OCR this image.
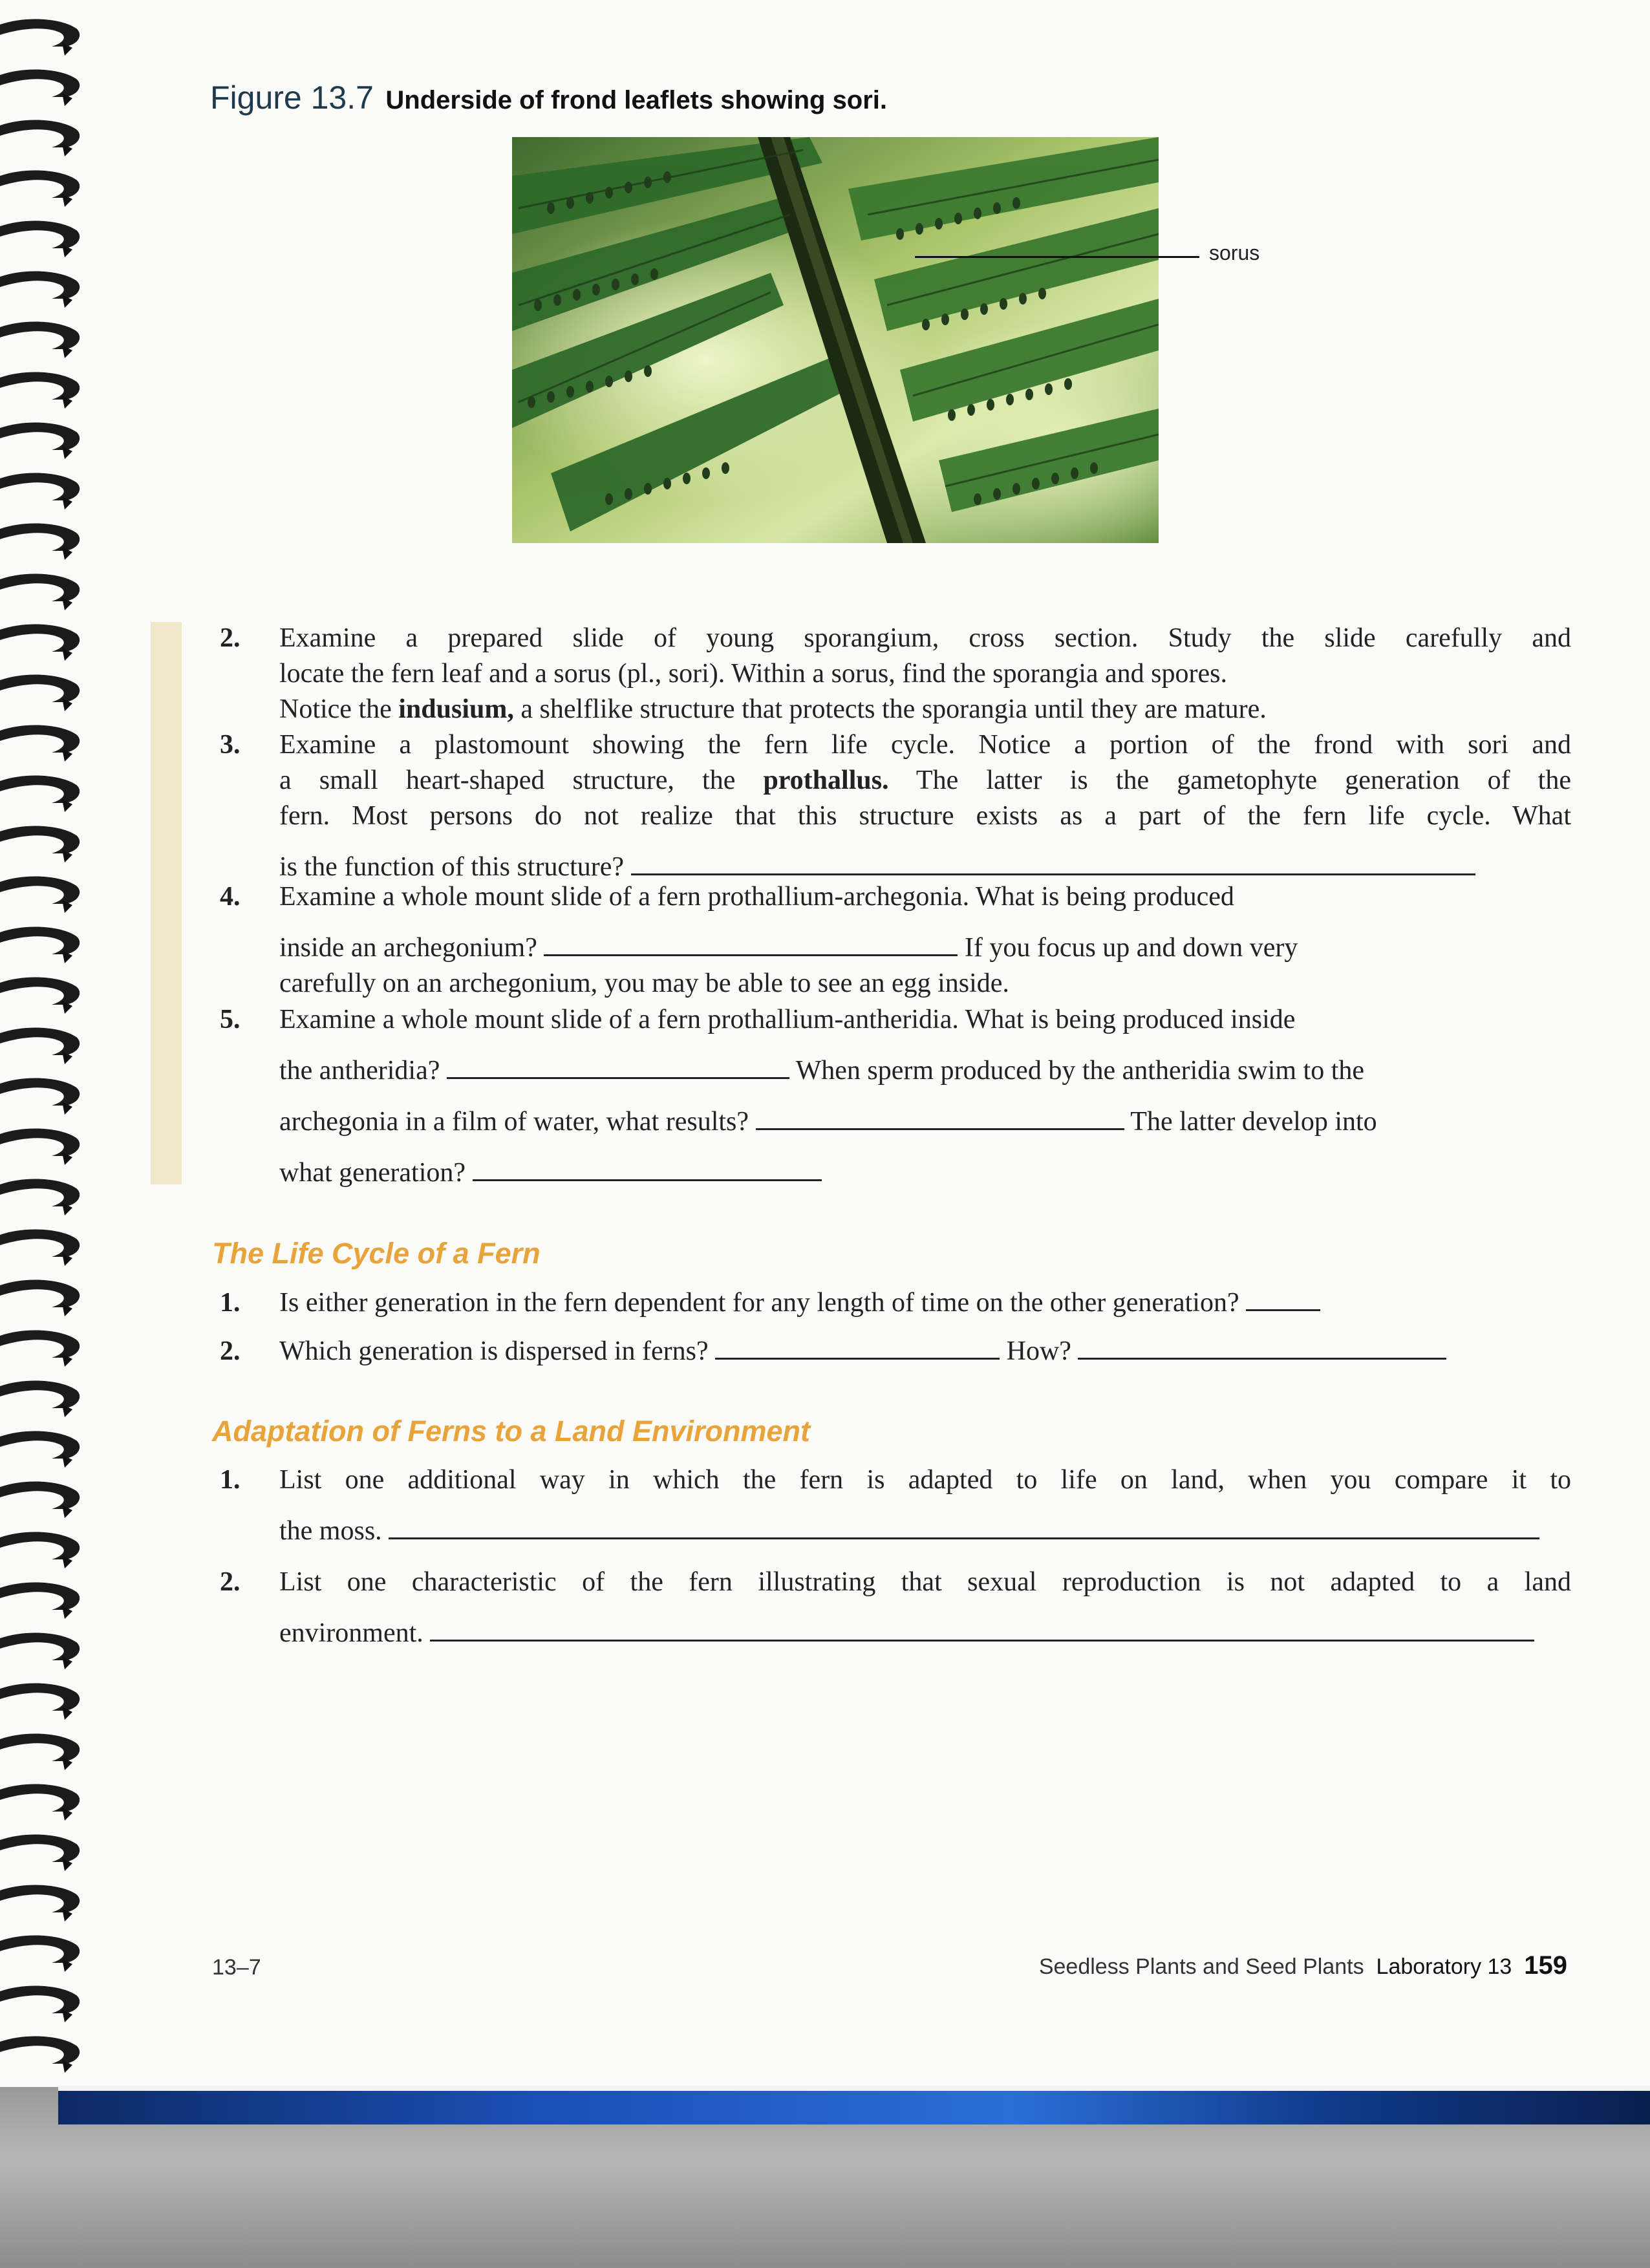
Figure 13.7 Underside of frond leaflets showing sori.
sorus
2. Examine a prepared slide of young sporangium, cross section. Study the slide carefully and
locate the fern leaf and a sorus (pl., sori). Within a sorus, find the sporangia and spores.
Notice the indusium, a shelflike structure that protects the sporangia until they are mature.
3. Examine a plastomount showing the fern life cycle. Notice a portion of the frond with sori and
a small heart-shaped structure, the prothallus. The latter is the gametophyte generation of the
fern. Most persons do not realize that this structure exists as a part of the fern life cycle. What
is the function of this structure?
4. Examine a whole mount slide of a fern prothallium-archegonia. What is being produced
inside an archegonium?	If you focus up and down very
carefully on an archegonium, you may be able to see an egg inside.
5. Examine a whole mount slide of a fern prothallium-antheridia. What is being produced inside
the antheridia?	When sperm produced by the antheridia swim to the
archegonia in a film of water, what results?	The latter develop into
what generation?
The Life Cycle of a Fern
1. Is either generation in the fern dependent for any length of time on the other generation?
2. Which generation is dispersed in ferns?	How?
Adaptation of Ferns to a Land Environment
1. List one additional way in which the fern is adapted to life on land, when you compare it to
the moss.
2. List one characteristic of the fern illustrating that sexual reproduction is not adapted to a land
environment.
13–7	Seedless Plants and Seed Plants Laboratory 13 159
